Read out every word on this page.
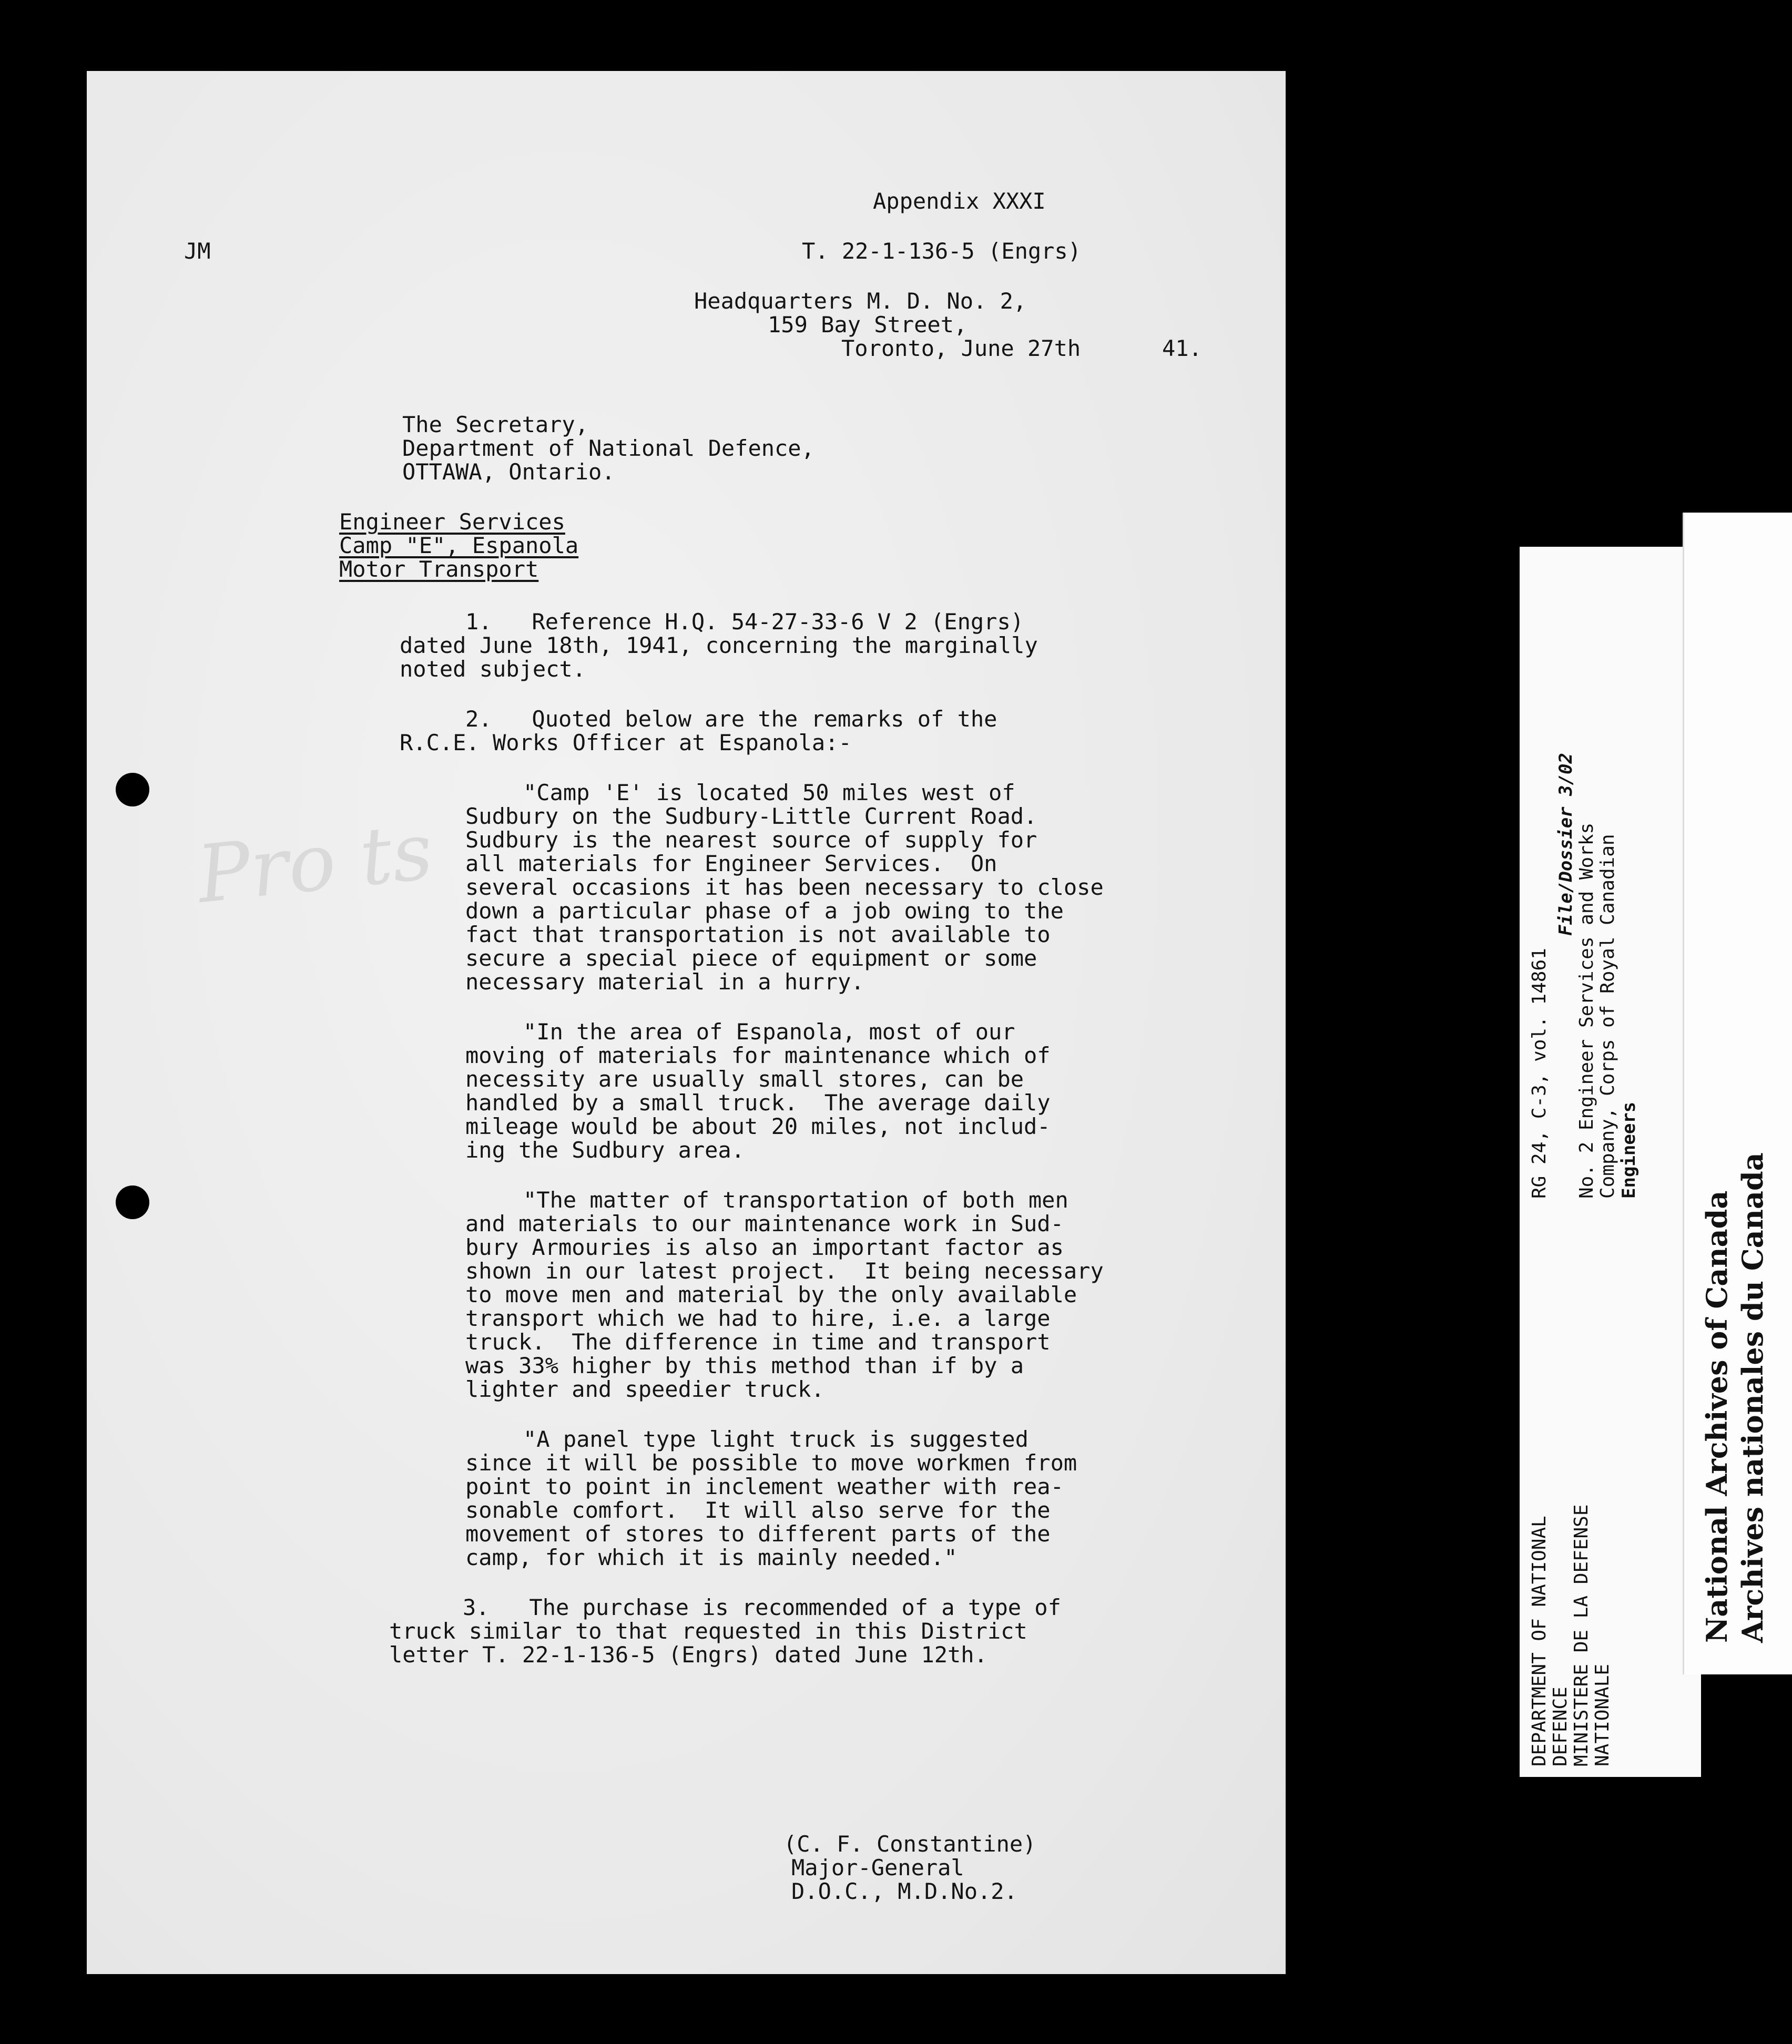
Pro ts
Appendix XXXI
JM	T. 22-1-136-5 (Engrs)
Headquarters M. D. No. 2,
159 Bay Street,
Toronto, June 27th	41.
The Secretary,
Department of National Defence,
OTTAWA, Ontario.
Engineer Services
Camp "E", Espanola
Motor Transport
1.   Reference H.Q. 54-27-33-6 V 2 (Engrs)
dated June 18th, 1941, concerning the marginally
noted subject.
2.   Quoted below are the remarks of the
R.C.E. Works Officer at Espanola:-
"Camp 'E' is located 50 miles west of
Sudbury on the Sudbury-Little Current Road.
Sudbury is the nearest source of supply for
all materials for Engineer Services.  On
several occasions it has been necessary to close
down a particular phase of a job owing to the
fact that transportation is not available to
secure a special piece of equipment or some
necessary material in a hurry.
"In the area of Espanola, most of our
moving of materials for maintenance which of
necessity are usually small stores, can be
handled by a small truck.  The average daily
mileage would be about 20 miles, not includ-
ing the Sudbury area.
"The matter of transportation of both men
and materials to our maintenance work in Sud-
bury Armouries is also an important factor as
shown in our latest project.  It being necessary
to move men and material by the only available
transport which we had to hire, i.e. a large
truck.  The difference in time and transport
was 33% higher by this method than if by a
lighter and speedier truck.
"A panel type light truck is suggested
since it will be possible to move workmen from
point to point in inclement weather with rea-
sonable comfort.  It will also serve for the
movement of stores to different parts of the
camp, for which it is mainly needed."
3.   The purchase is recommended of a type of
truck similar to that requested in this District
letter T. 22-1-136-5 (Engrs) dated June 12th.
(C. F. Constantine)
Major-General
D.O.C., M.D.No.2.
DEPARTMENT OF NATIONAL DEFENCE MINISTERE DE LA DEFENSE NATIONALE
RG 24, C-3, vol. 14861
File/Dossier 3/02 No. 2 Engineer Services and Works Company, Corps of Royal Canadian Engineers
National Archives of Canada Archives nationales du Canada
